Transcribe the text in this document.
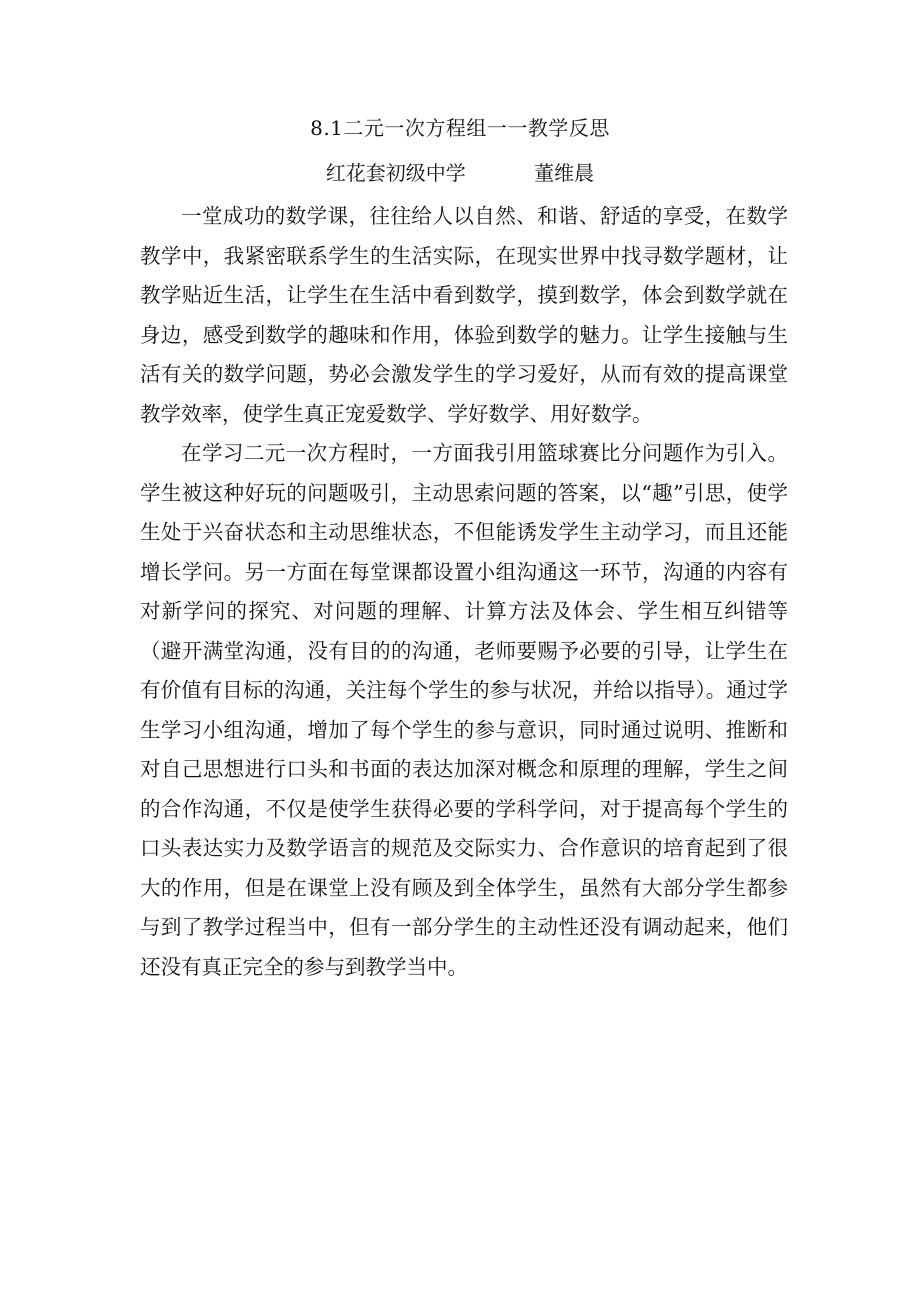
8.1二元一次方程组一一教学反思
红花套初级中学	董维晨

一堂成功的数学课，往往给人以自然、和谐、舒适的享受，在数学教学中，我紧密联系学生的生活实际，在现实世界中找寻数学题材，让教学贴近生活，让学生在生活中看到数学，摸到数学，体会到数学就在身边，感受到数学的趣味和作用，体验到数学的魅力。让学生接触与生活有关的数学问题，势必会激发学生的学习爱好，从而有效的提高课堂教学效率，使学生真正宠爱数学、学好数学、用好数学。

在学习二元一次方程时，一方面我引用篮球赛比分问题作为引入。学生被这种好玩的问题吸引，主动思索问题的答案，以“趣”引思，使学生处于兴奋状态和主动思维状态，不但能诱发学生主动学习，而且还能增长学问。另一方面在每堂课都设置小组沟通这一环节，沟通的内容有对新学问的探究、对问题的理解、计算方法及体会、学生相互纠错等（避开满堂沟通，没有目的的沟通，老师要赐予必要的引导，让学生在有价值有目标的沟通，关注每个学生的参与状况，并给以指导）。通过学生学习小组沟通，增加了每个学生的参与意识，同时通过说明、推断和对自己思想进行口头和书面的表达加深对概念和原理的理解，学生之间的合作沟通，不仅是使学生获得必要的学科学问，对于提高每个学生的口头表达实力及数学语言的规范及交际实力、合作意识的培育起到了很大的作用，但是在课堂上没有顾及到全体学生，虽然有大部分学生都参与到了教学过程当中，但有一部分学生的主动性还没有调动起来，他们还没有真正完全的参与到教学当中。
